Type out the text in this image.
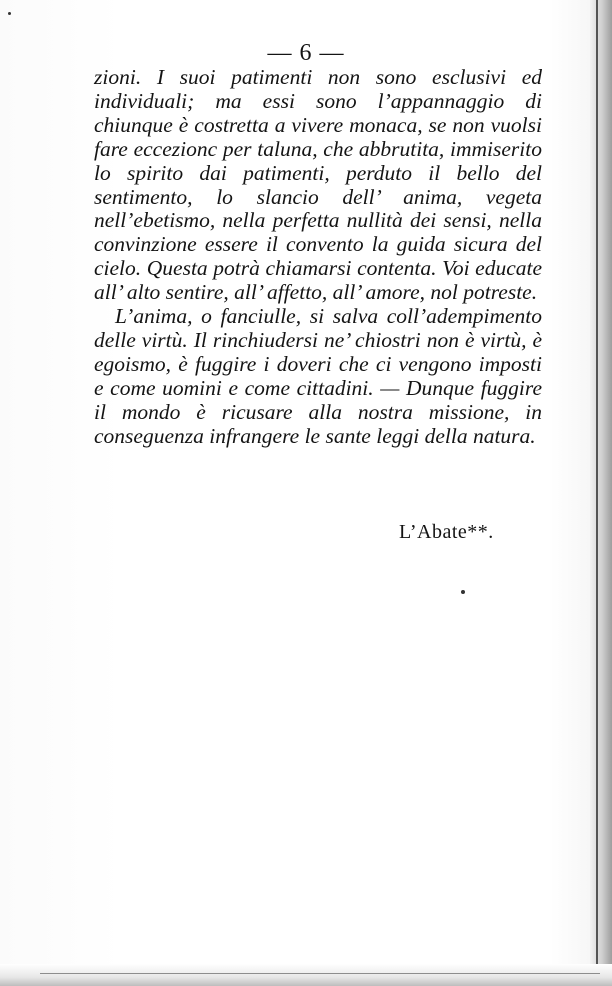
— 6 —

zioni. I suoi patimenti non sono esclusivi ed individuali; ma essi sono l’appannaggio di chiunque è costretta a vivere monaca, se non vuolsi fare eccezionc per taluna, che abbrutita, immiserito lo spirito dai patimenti, perduto il bello del sentimento, lo slancio dell’ anima, vegeta nell’ebetismo, nella perfetta nullità dei sensi, nella convinzione essere il convento la guida sicura del cielo. Questa potrà chiamarsi contenta. Voi educate all’ alto sentire, all’ affetto, all’ amore, nol potreste.

L’anima, o fanciulle, si salva coll’adempimento delle virtù. Il rinchiudersi ne’ chiostri non è virtù, è egoismo, è fuggire i doveri che ci vengono imposti e come uomini e come cittadini. — Dunque fuggire il mondo è ricusare alla nostra missione, in conseguenza infrangere le sante leggi della natura.

L’Abate**.
